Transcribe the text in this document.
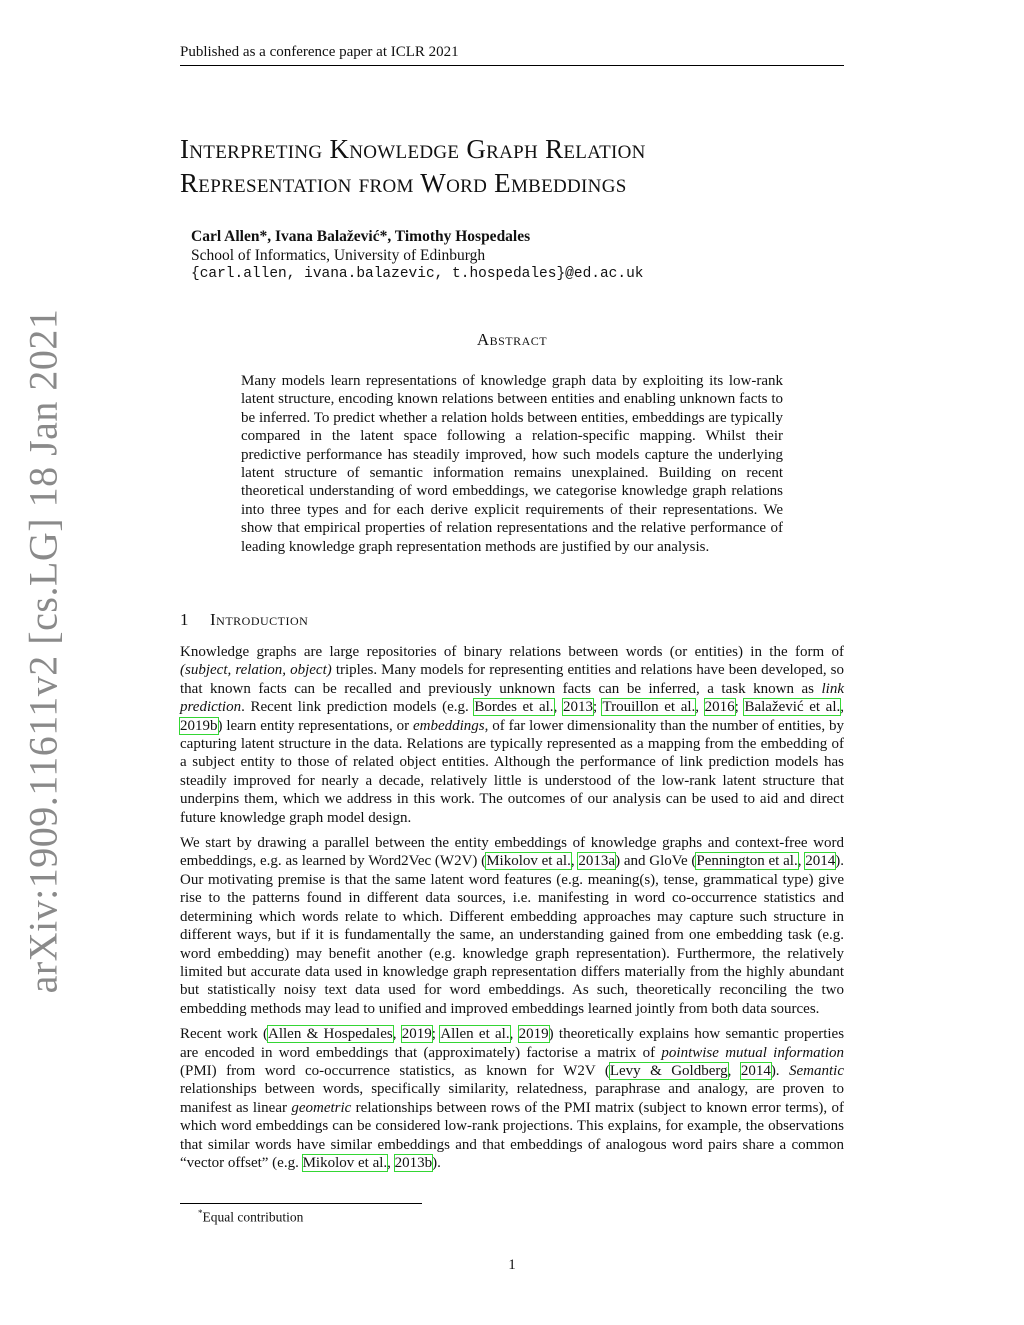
arXiv:1909.11611v2 [cs.LG] 18 Jan 2021
Published as a conference paper at ICLR 2021
Interpreting Knowledge Graph Relation
Representation from Word Embeddings
Carl Allen*, Ivana Balažević*, Timothy Hospedales
School of Informatics, University of Edinburgh
{carl.allen, ivana.balazevic, t.hospedales}@ed.ac.uk
Abstract
Many models learn representations of knowledge graph data by exploiting its low-rank latent structure, encoding known relations between entities and enabling unknown facts to be inferred. To predict whether a relation holds between entities, embeddings are typically compared in the latent space following a relation-specific mapping. Whilst their predictive performance has steadily improved, how such models capture the underlying latent structure of semantic information remains unexplained. Building on recent theoretical understanding of word embeddings, we categorise knowledge graph relations into three types and for each derive explicit requirements of their representations. We show that empirical properties of relation representations and the relative performance of leading knowledge graph representation methods are justified by our analysis.
1 Introduction

Knowledge graphs are large repositories of binary relations between words (or entities) in the form of (subject, relation, object) triples. Many models for representing entities and relations have been developed, so that known facts can be recalled and previously unknown facts can be inferred, a task known as link prediction. Recent link prediction models (e.g. Bordes et al., 2013; Trouillon et al., 2016; Balažević et al., 2019b) learn entity representations, or embeddings, of far lower dimensionality than the number of entities, by capturing latent structure in the data. Relations are typically represented as a mapping from the embedding of a subject entity to those of related object entities. Although the performance of link prediction models has steadily improved for nearly a decade, relatively little is understood of the low-rank latent structure that underpins them, which we address in this work. The outcomes of our analysis can be used to aid and direct future knowledge graph model design.

We start by drawing a parallel between the entity embeddings of knowledge graphs and context-free word embeddings, e.g. as learned by Word2Vec (W2V) (Mikolov et al., 2013a) and GloVe (Pennington et al., 2014). Our motivating premise is that the same latent word features (e.g. meaning(s), tense, grammatical type) give rise to the patterns found in different data sources, i.e. manifesting in word co-occurrence statistics and determining which words relate to which. Different embedding approaches may capture such structure in different ways, but if it is fundamentally the same, an understanding gained from one embedding task (e.g. word embedding) may benefit another (e.g. knowledge graph representation). Furthermore, the relatively limited but accurate data used in knowledge graph representation differs materially from the highly abundant but statistically noisy text data used for word embeddings. As such, theoretically reconciling the two embedding methods may lead to unified and improved embeddings learned jointly from both data sources.

Recent work (Allen & Hospedales, 2019; Allen et al., 2019) theoretically explains how semantic properties are encoded in word embeddings that (approximately) factorise a matrix of pointwise mutual information (PMI) from word co-occurrence statistics, as known for W2V (Levy & Goldberg, 2014). Semantic relationships between words, specifically similarity, relatedness, paraphrase and analogy, are proven to manifest as linear geometric relationships between rows of the PMI matrix (subject to known error terms), of which word embeddings can be considered low-rank projections. This explains, for example, the observations that similar words have similar embeddings and that embeddings of analogous word pairs share a common “vector offset” (e.g. Mikolov et al., 2013b).

*Equal contribution
1
